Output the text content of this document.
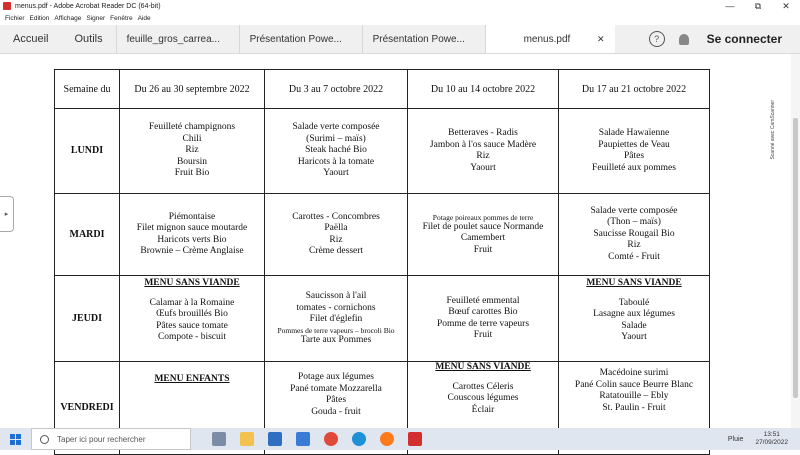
menus.pdf - Adobe Acrobat Reader DC (64-bit)	—	⧉	✕
Fichier Edition Affichage Signer Fenêtre Aide
Accueil	Outils	feuille_gros_carrea...	Présentation Powe...	Présentation Powe...	menus.pdf	✕	?	Se connecter
Semaine du	Du 26 au 30 septembre 2022	Du 3 au 7 octobre 2022	Du 10 au 14 octobre 2022	Du 17 au 21 octobre 2022
LUNDI	Feuilleté champignons
Chili
Riz
Boursin
Fruit Bio	Salade verte composée
(Surimi – maïs)
Steak haché Bio
Haricots à la tomate
Yaourt	Betteraves - Radis
Jambon à l'os sauce Madère
Riz
Yaourt	Salade Hawaïenne
Paupiettes de Veau
Pâtes
Feuilleté aux pommes

MARDI	Piémontaise
Filet mignon sauce moutarde
Haricots verts Bio
Brownie – Crème Anglaise	Carottes - Concombres
Paëlla
Riz
Crème dessert	Potage poireaux pommes de terre
Filet de poulet sauce Normande
Camembert
Fruit	Salade verte composée
(Thon – maïs)
Saucisse Rougail Bio
Riz
Comté - Fruit

JEUDI	MENU SANS VIANDE
Calamar à la Romaine
Œufs brouillés Bio
Pâtes sauce tomate
Compote - biscuit	Saucisson à l'ail
tomates - cornichons
Filet d'églefin
Pommes de terre vapeurs – brocoli Bio
Tarte aux Pommes	Feuilleté emmental
Bœuf carottes Bio
Pomme de terre vapeurs
Fruit	MENU SANS VIANDE
Taboulé
Lasagne aux légumes
Salade
Yaourt

VENDREDI	MENU ENFANTS	Potage aux légumes
Pané tomate Mozzarella
Pâtes
Gouda - fruit	MENU SANS VIANDE
Carottes Céleris
Couscous légumes
Éclair	Macédoine surimi
Pané Colin sauce Beurre Blanc
Ratatouille – Ebly
St. Paulin - Fruit
▸
Scanné avec CamScanner
Taper ici pour rechercher	Pluie
13:51
27/09/2022
